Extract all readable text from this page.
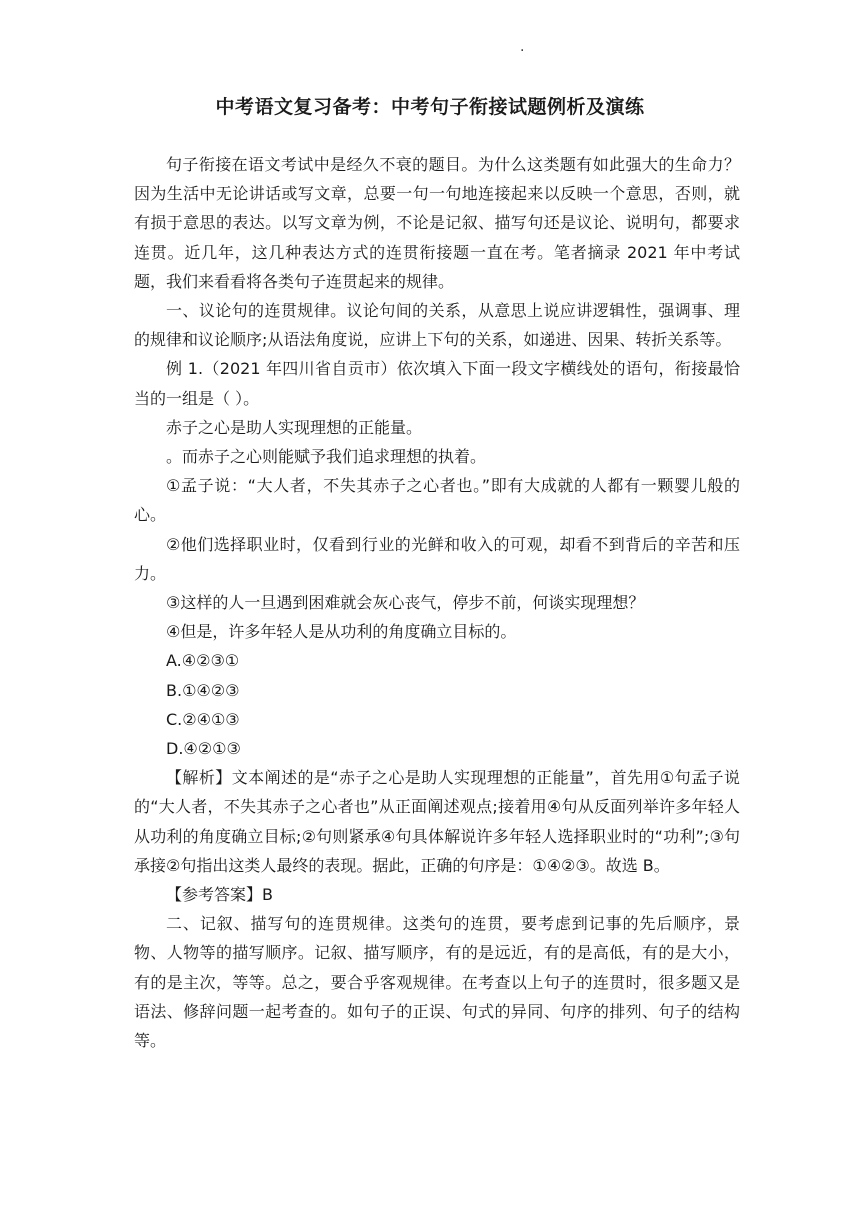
.
中考语文复习备考：中考句子衔接试题例析及演练

句子衔接在语文考试中是经久不衰的题目。为什么这类题有如此强大的生命力？因为生活中无论讲话或写文章，总要一句一句地连接起来以反映一个意思，否则，就有损于意思的表达。以写文章为例，不论是记叙、描写句还是议论、说明句，都要求连贯。近几年，这几种表达方式的连贯衔接题一直在考。笔者摘录 2021 年中考试题，我们来看看将各类句子连贯起来的规律。

一、议论句的连贯规律。议论句间的关系，从意思上说应讲逻辑性，强调事、理的规律和议论顺序;从语法角度说，应讲上下句的关系，如递进、因果、转折关系等。

例 1.（2021 年四川省自贡市）依次填入下面一段文字横线处的语句，衔接最恰当的一组是（ ）。

赤子之心是助人实现理想的正能量。

。而赤子之心则能赋予我们追求理想的执着。

①孟子说：“大人者，不失其赤子之心者也。”即有大成就的人都有一颗婴儿般的心。

②他们选择职业时，仅看到行业的光鲜和收入的可观，却看不到背后的辛苦和压力。

③这样的人一旦遇到困难就会灰心丧气，停步不前，何谈实现理想？

④但是，许多年轻人是从功利的角度确立目标的。

A.④②③①

B.①④②③

C.②④①③

D.④②①③

【解析】文本阐述的是“赤子之心是助人实现理想的正能量”，首先用①句孟子说的“大人者，不失其赤子之心者也”从正面阐述观点;接着用④句从反面列举许多年轻人从功利的角度确立目标;②句则紧承④句具体解说许多年轻人选择职业时的“功利”;③句承接②句指出这类人最终的表现。据此，正确的句序是：①④②③。故选 B。

【参考答案】B

二、记叙、描写句的连贯规律。这类句的连贯，要考虑到记事的先后顺序，景物、人物等的描写顺序。记叙、描写顺序，有的是远近，有的是高低，有的是大小，有的是主次，等等。总之，要合乎客观规律。在考查以上句子的连贯时，很多题又是语法、修辞问题一起考查的。如句子的正误、句式的异同、句序的排列、句子的结构等。
